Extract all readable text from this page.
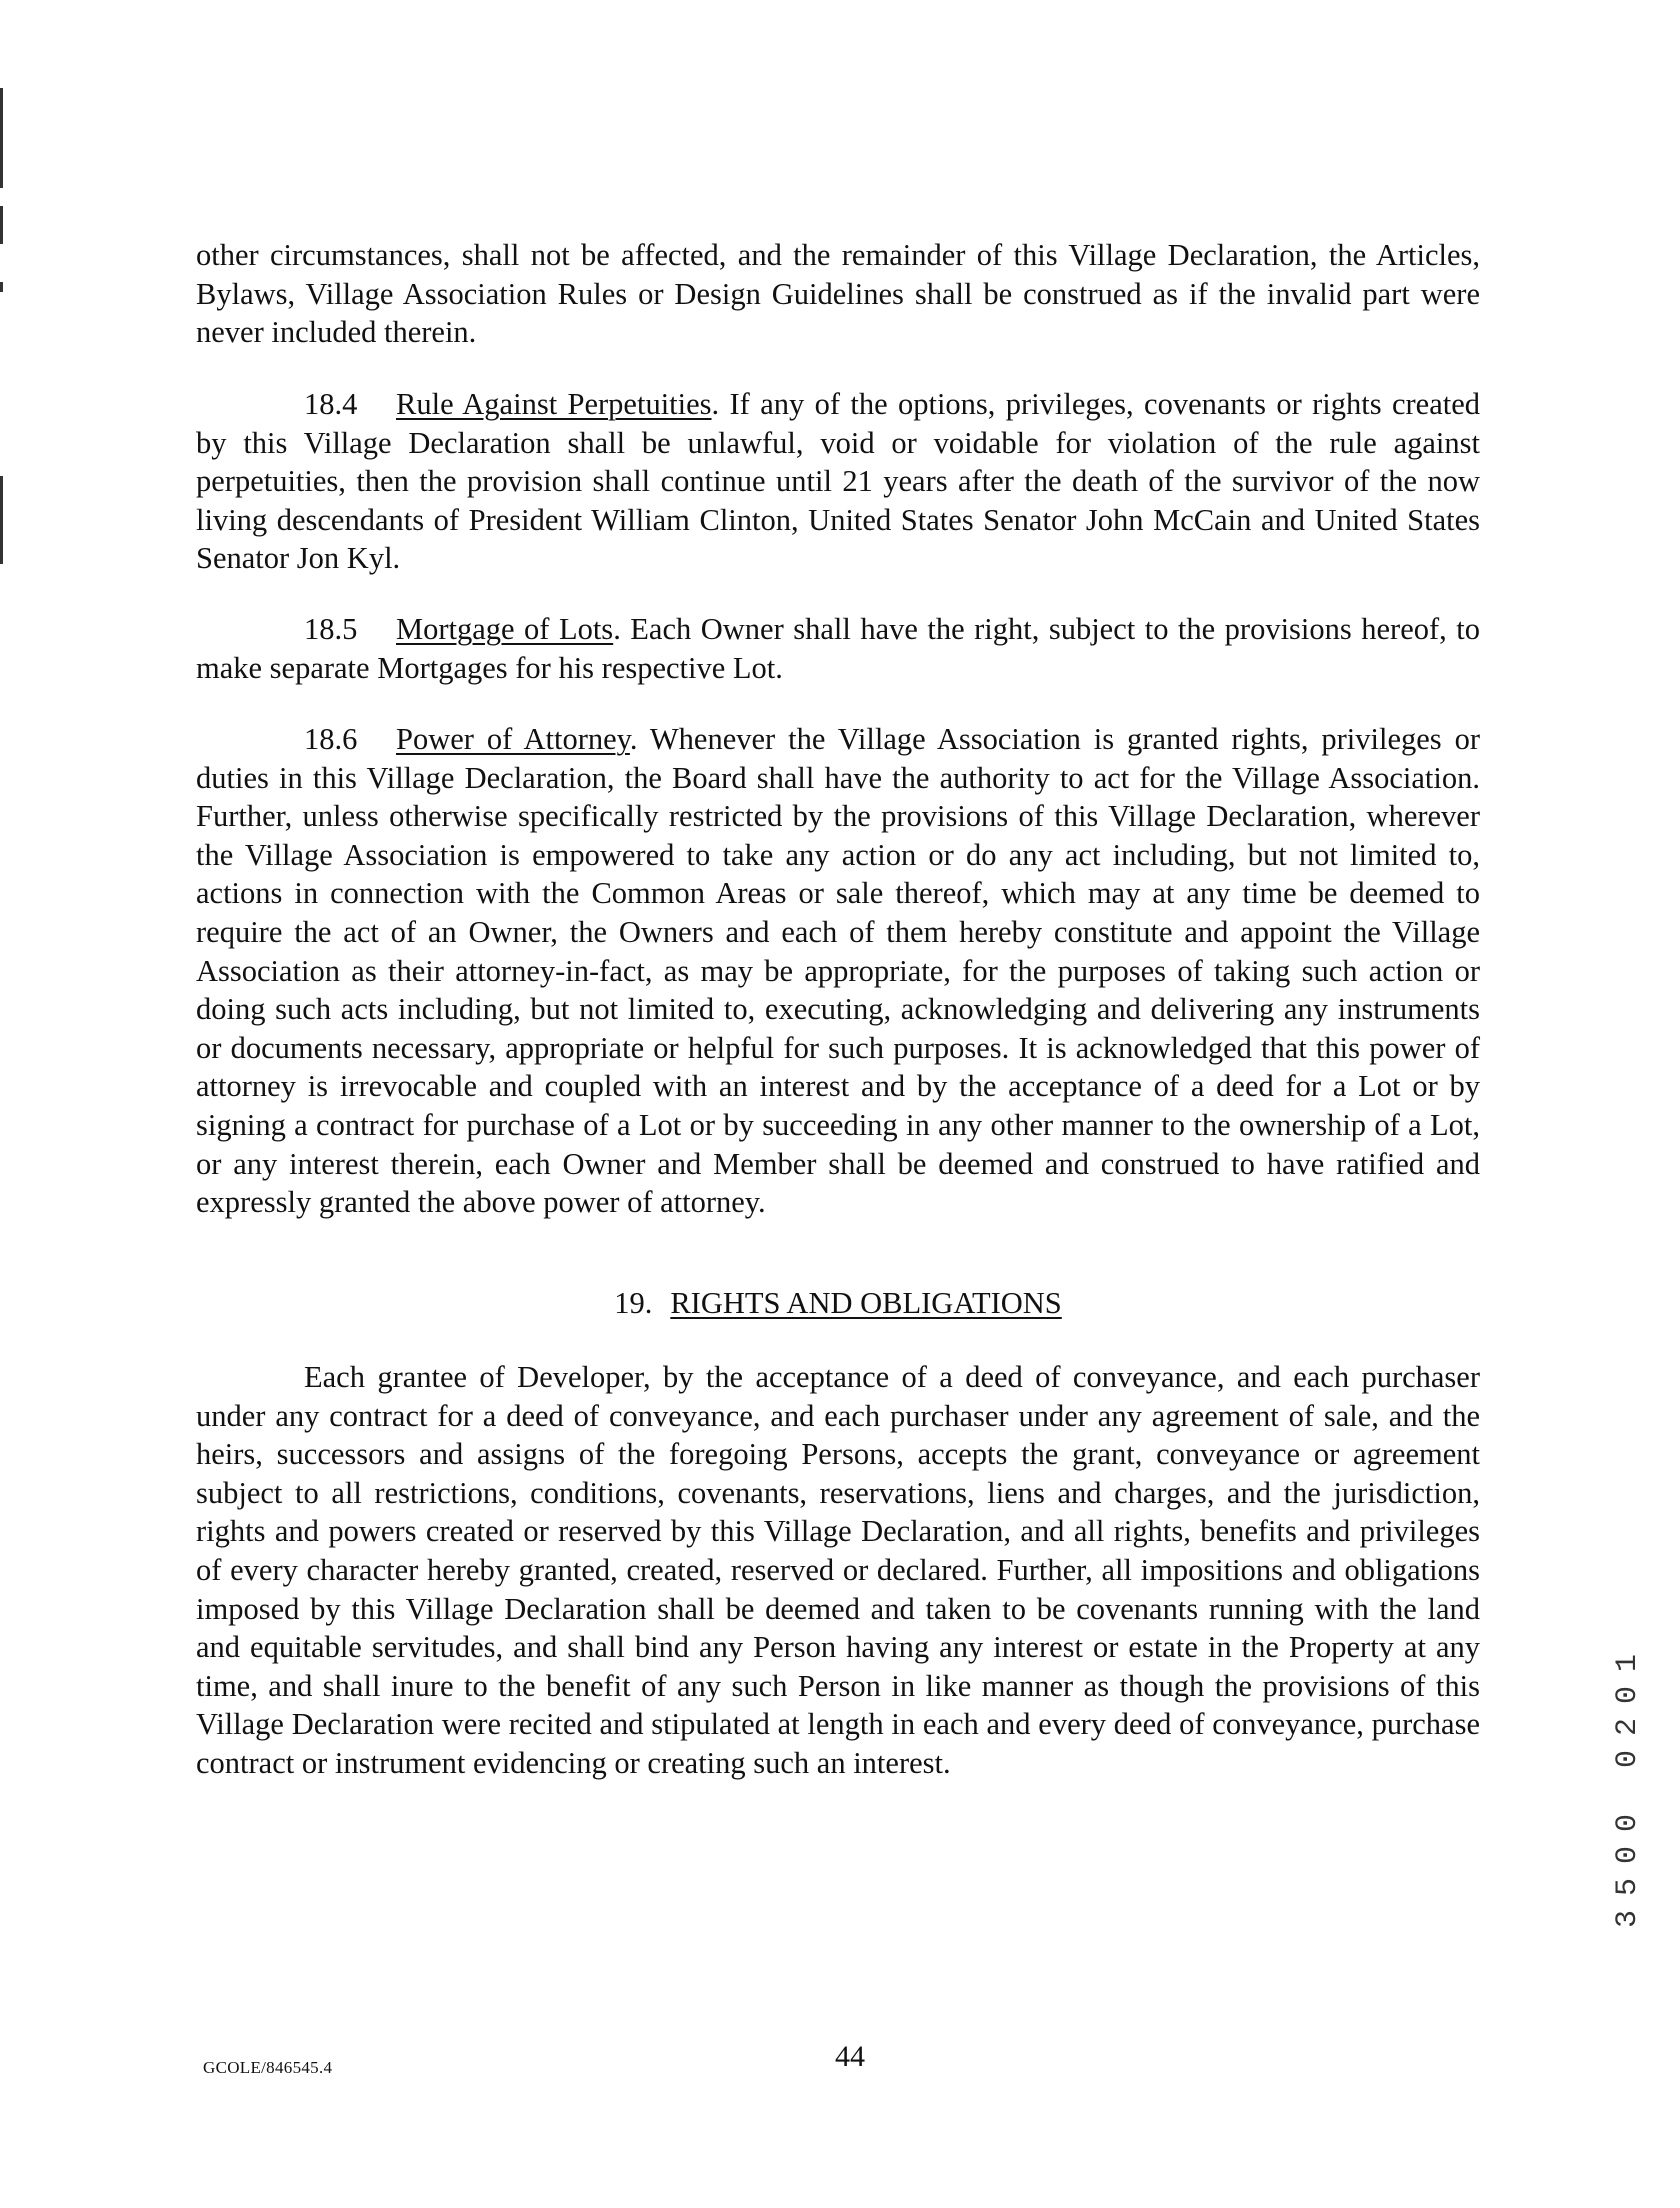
other circumstances, shall not be affected, and the remainder of this Village Declaration, the Articles, Bylaws, Village Association Rules or Design Guidelines shall be construed as if the invalid part were never included therein.

18.4 Rule Against Perpetuities. If any of the options, privileges, covenants or rights created by this Village Declaration shall be unlawful, void or voidable for violation of the rule against perpetuities, then the provision shall continue until 21 years after the death of the survivor of the now living descendants of President William Clinton, United States Senator John McCain and United States Senator Jon Kyl.

18.5 Mortgage of Lots. Each Owner shall have the right, subject to the provisions hereof, to make separate Mortgages for his respective Lot.

18.6 Power of Attorney. Whenever the Village Association is granted rights, privileges or duties in this Village Declaration, the Board shall have the authority to act for the Village Association. Further, unless otherwise specifically restricted by the provisions of this Village Declaration, wherever the Village Association is empowered to take any action or do any act including, but not limited to, actions in connection with the Common Areas or sale thereof, which may at any time be deemed to require the act of an Owner, the Owners and each of them hereby constitute and appoint the Village Association as their attorney-in-fact, as may be appropriate, for the purposes of taking such action or doing such acts including, but not limited to, executing, acknowledging and delivering any instruments or documents necessary, appropriate or helpful for such purposes. It is acknowledged that this power of attorney is irrevocable and coupled with an interest and by the acceptance of a deed for a Lot or by signing a contract for purchase of a Lot or by succeeding in any other manner to the ownership of a Lot, or any interest therein, each Owner and Member shall be deemed and construed to have ratified and expressly granted the above power of attorney.

19. RIGHTS AND OBLIGATIONS

Each grantee of Developer, by the acceptance of a deed of conveyance, and each purchaser under any contract for a deed of conveyance, and each purchaser under any agreement of sale, and the heirs, successors and assigns of the foregoing Persons, accepts the grant, conveyance or agreement subject to all restrictions, conditions, covenants, reservations, liens and charges, and the jurisdiction, rights and powers created or reserved by this Village Declaration, and all rights, benefits and privileges of every character hereby granted, created, reserved or declared. Further, all impositions and obligations imposed by this Village Declaration shall be deemed and taken to be covenants running with the land and equitable servitudes, and shall bind any Person having any interest or estate in the Property at any time, and shall inure to the benefit of any such Person in like manner as though the provisions of this Village Declaration were recited and stipulated at length in each and every deed of conveyance, purchase contract or instrument evidencing or creating such an interest.	3500 0201
GCOLE/846545.4	44
